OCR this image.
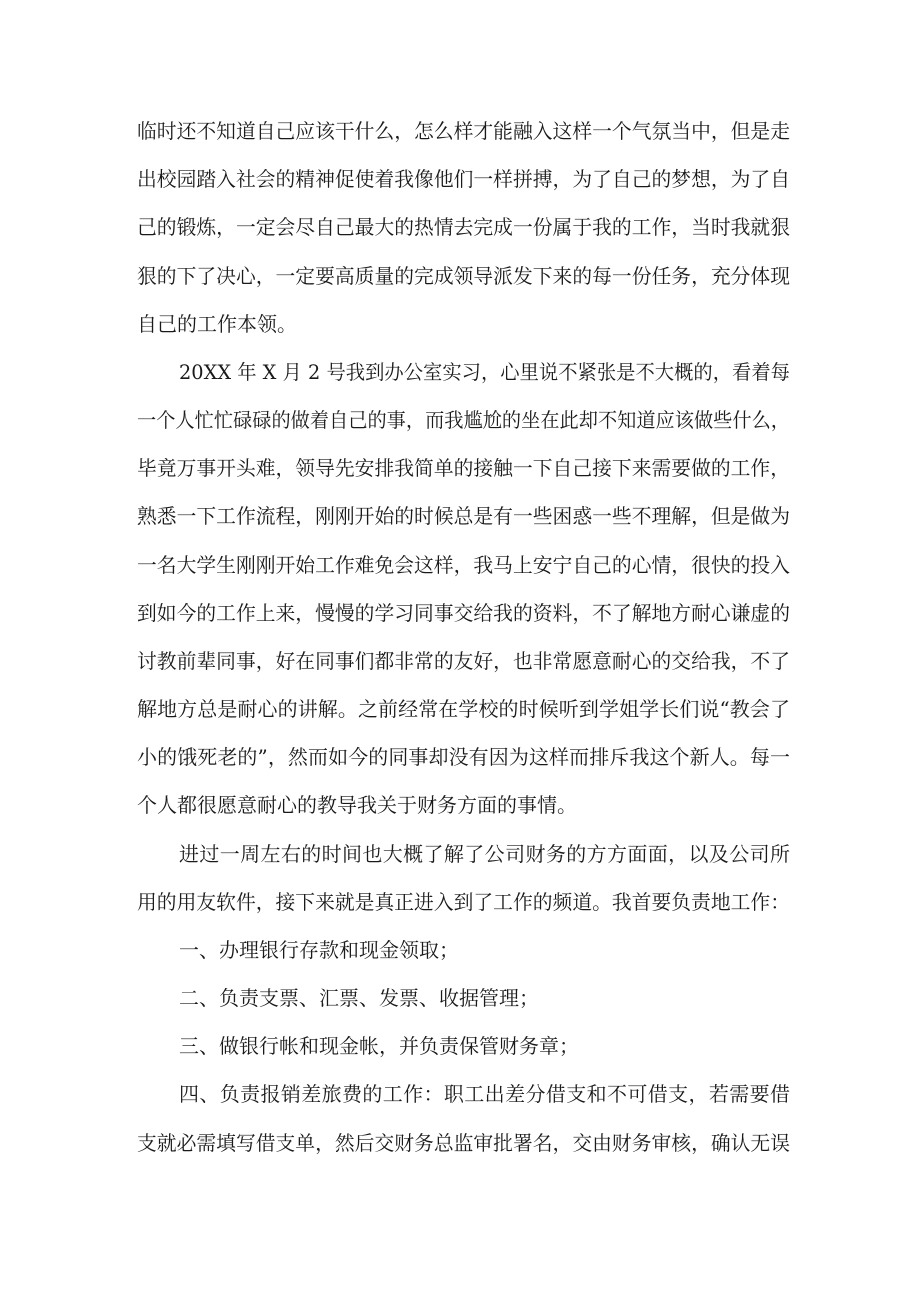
临时还不知道自己应该干什么，怎么样才能融入这样一个气氛当中，但是走
出校园踏入社会的精神促使着我像他们一样拼搏，为了自己的梦想，为了自
己的锻炼，一定会尽自己最大的热情去完成一份属于我的工作，当时我就狠
狠的下了决心，一定要高质量的完成领导派发下来的每一份任务，充分体现
自己的工作本领。
20XX 年 X 月 2 号我到办公室实习，心里说不紧张是不大概的，看着每
一个人忙忙碌碌的做着自己的事，而我尴尬的坐在此却不知道应该做些什么，
毕竟万事开头难，领导先安排我简单的接触一下自己接下来需要做的工作，
熟悉一下工作流程，刚刚开始的时候总是有一些困惑一些不理解，但是做为
一名大学生刚刚开始工作难免会这样，我马上安宁自己的心情，很快的投入
到如今的工作上来，慢慢的学习同事交给我的资料，不了解地方耐心谦虚的
讨教前辈同事，好在同事们都非常的友好，也非常愿意耐心的交给我，不了
解地方总是耐心的讲解。之前经常在学校的时候听到学姐学长们说“教会了
小的饿死老的”，然而如今的同事却没有因为这样而排斥我这个新人。每一
个人都很愿意耐心的教导我关于财务方面的事情。
进过一周左右的时间也大概了解了公司财务的方方面面，以及公司所
用的用友软件，接下来就是真正进入到了工作的频道。我首要负责地工作：
一、办理银行存款和现金领取；
二、负责支票、汇票、发票、收据管理；
三、做银行帐和现金帐，并负责保管财务章；
四、负责报销差旅费的工作：职工出差分借支和不可借支，若需要借
支就必需填写借支单，然后交财务总监审批署名，交由财务审核，确认无误
